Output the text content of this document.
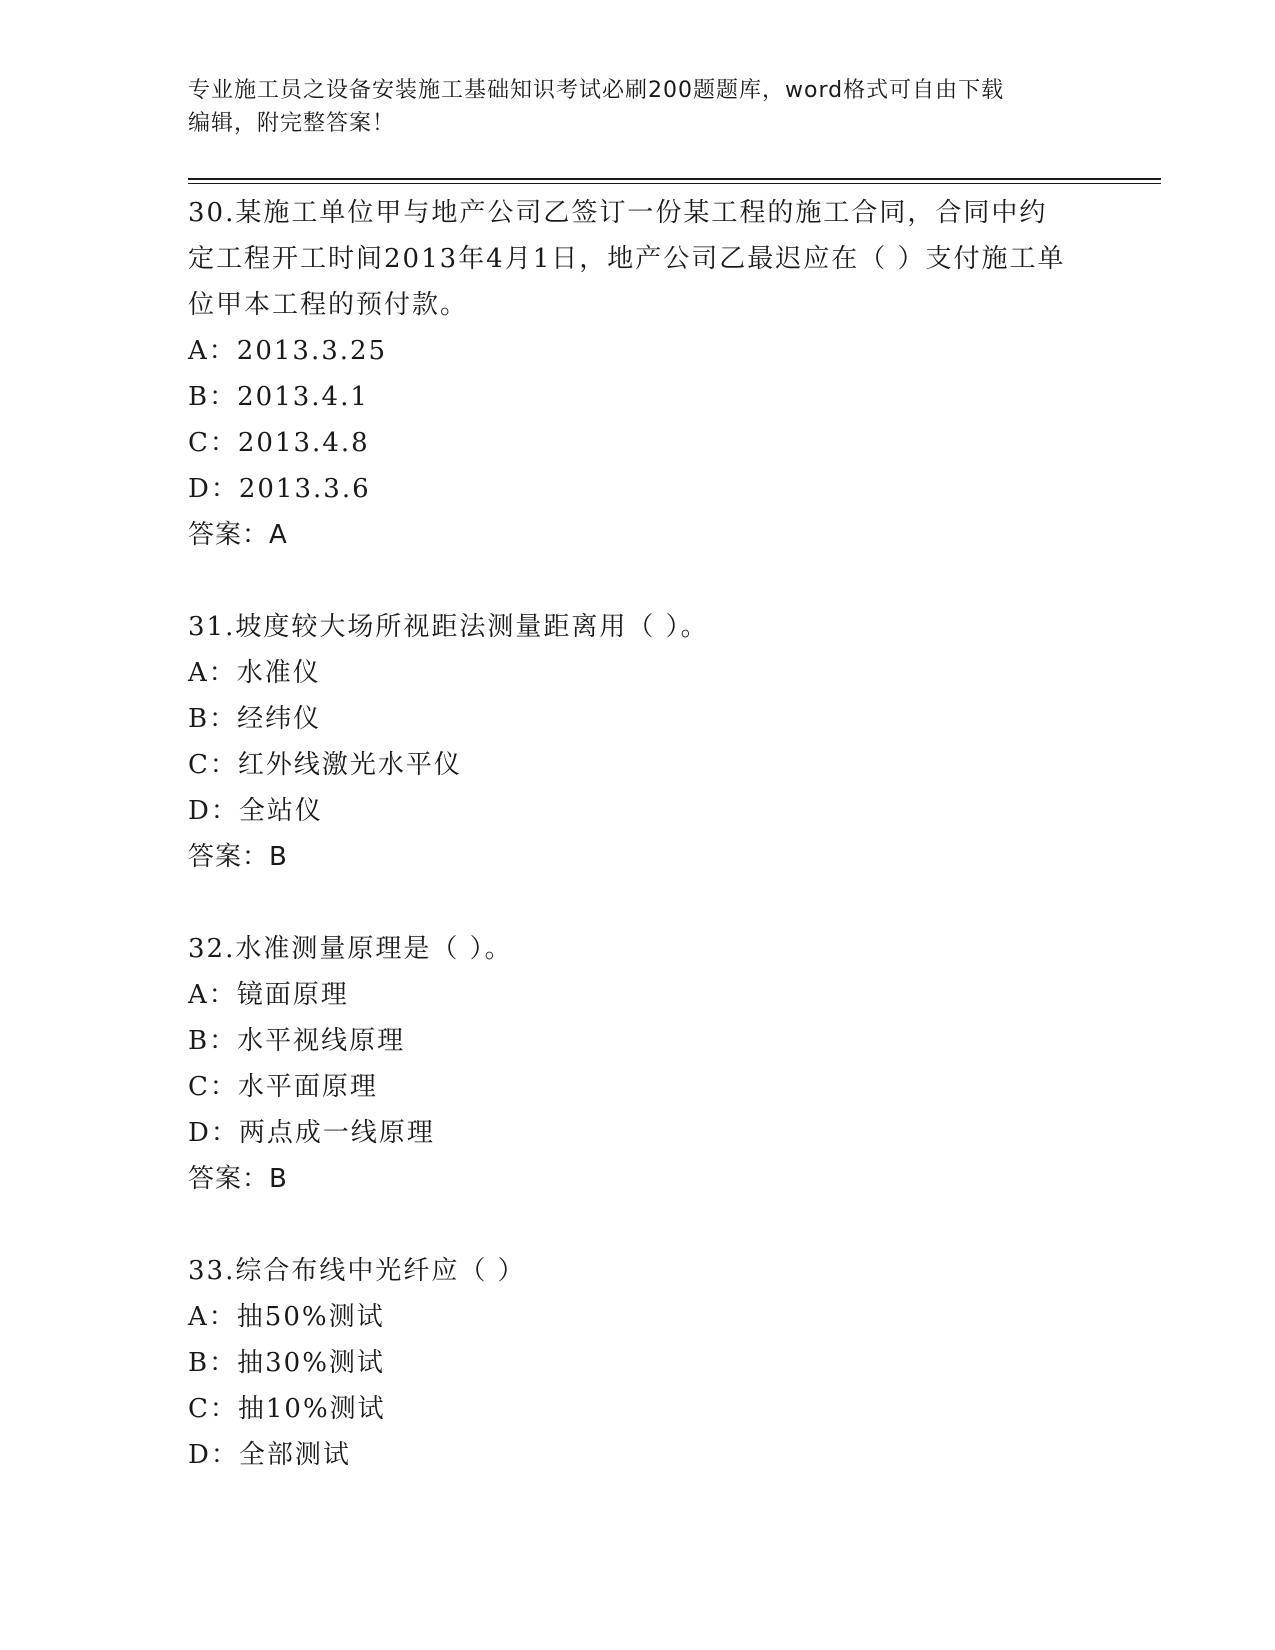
专业施工员之设备安装施工基础知识考试必刷200题题库，word格式可自由下载
编辑，附完整答案！
30.某施工单位甲与地产公司乙签订一份某工程的施工合同，合同中约定工程开工时间2013年4月1日，地产公司乙最迟应在（ ）支付施工单位甲本工程的预付款。
A：2013.3.25
B：2013.4.1
C：2013.4.8
D：2013.3.6
答案：A
31.坡度较大场所视距法测量距离用（ ）。
A：水准仪
B：经纬仪
C：红外线激光水平仪
D：全站仪
答案：B
32.水准测量原理是（ ）。
A：镜面原理
B：水平视线原理
C：水平面原理
D：两点成一线原理
答案：B
33.综合布线中光纤应（ ）
A：抽50%测试
B：抽30%测试
C：抽10%测试
D：全部测试
